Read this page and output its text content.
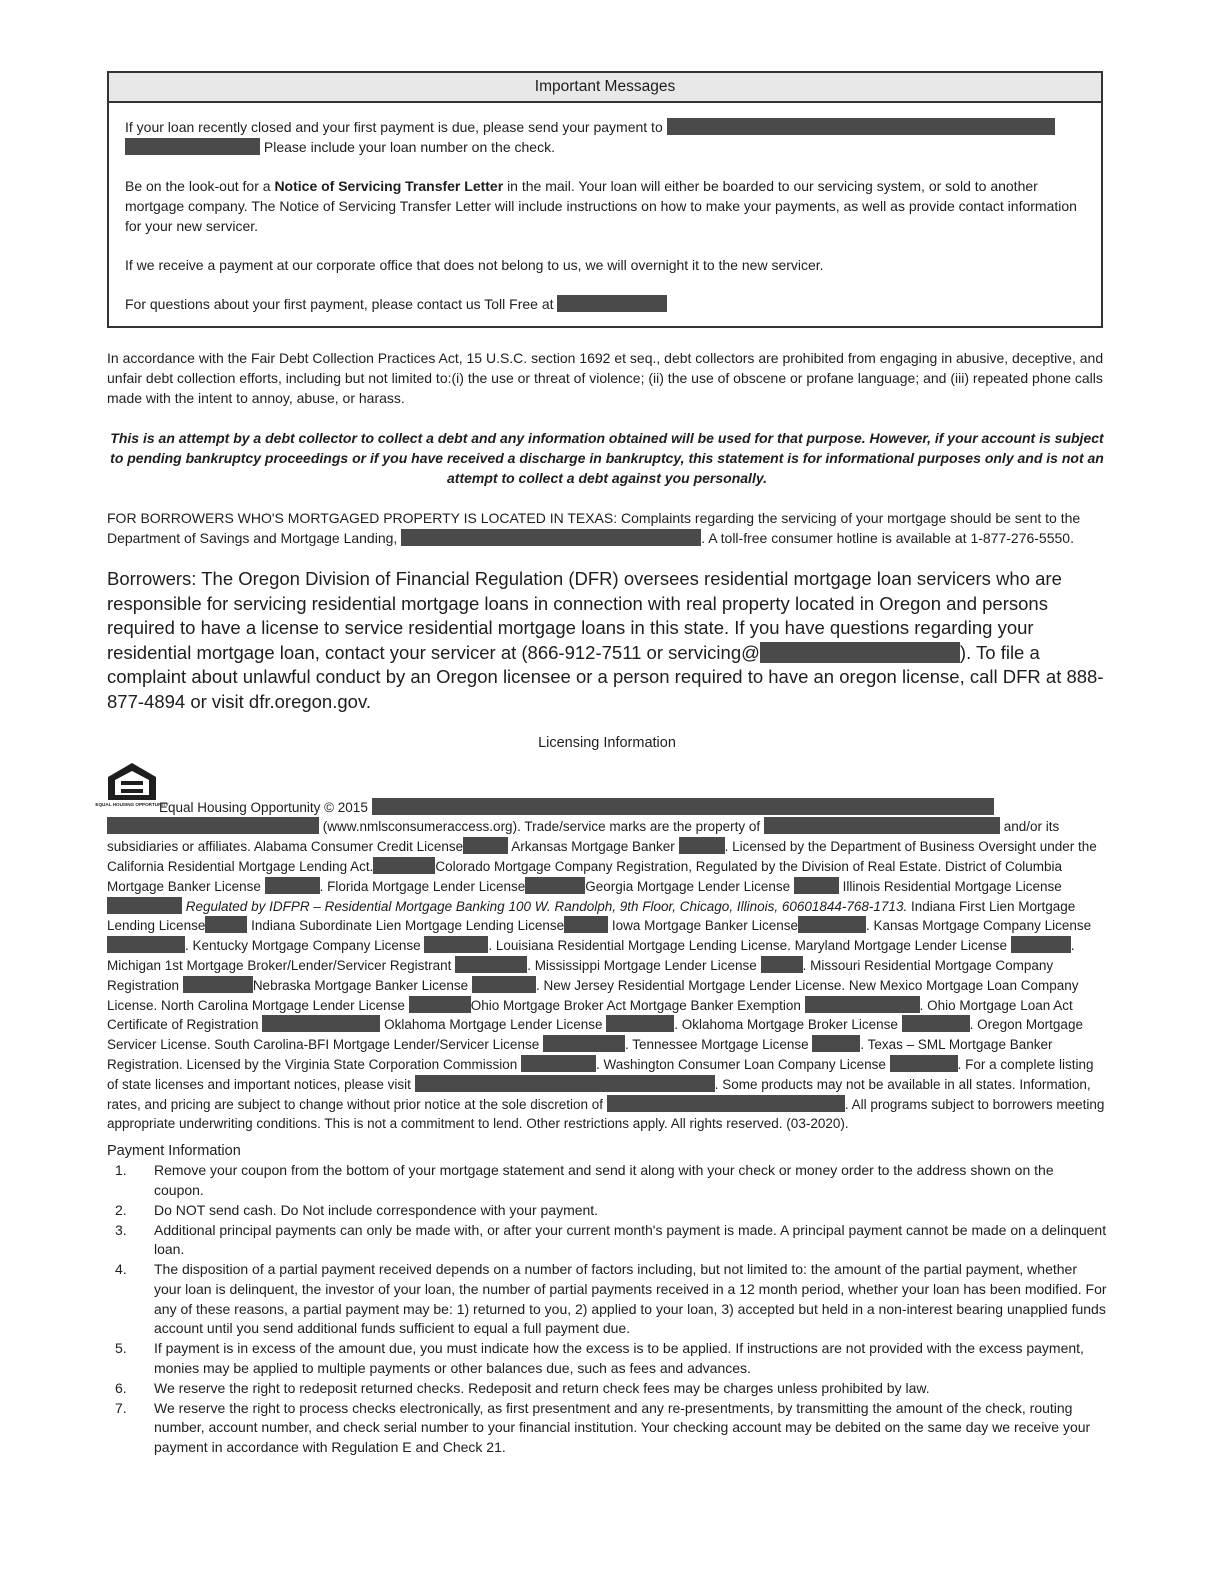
Important Messages

If your loan recently closed and your first payment is due, please send your payment to   Please include your loan number on the check.

Be on the look-out for a Notice of Servicing Transfer Letter in the mail. Your loan will either be boarded to our servicing system, or sold to another mortgage company. The Notice of Servicing Transfer Letter will include instructions on how to make your payments, as well as provide contact information for your new servicer.

If we receive a payment at our corporate office that does not belong to us, we will overnight it to the new servicer.

For questions about your first payment, please contact us Toll Free at

In accordance with the Fair Debt Collection Practices Act, 15 U.S.C. section 1692 et seq., debt collectors are prohibited from engaging in abusive, deceptive, and unfair debt collection efforts, including but not limited to:(i) the use or threat of violence; (ii) the use of obscene or profane language; and (iii) repeated phone calls made with the intent to annoy, abuse, or harass.

This is an attempt by a debt collector to collect a debt and any information obtained will be used for that purpose. However, if your account is subject to pending bankruptcy proceedings or if you have received a discharge in bankruptcy, this statement is for informational purposes only and is not an attempt to collect a debt against you personally.

FOR BORROWERS WHO'S MORTGAGED PROPERTY IS LOCATED IN TEXAS: Complaints regarding the servicing of your mortgage should be sent to the Department of Savings and Mortgage Landing,	. A toll-free consumer hotline is available at 1-877-276-5550.

Borrowers: The Oregon Division of Financial Regulation (DFR) oversees residential mortgage loan servicers who are responsible for servicing residential mortgage loans in connection with real property located in Oregon and persons required to have a license to service residential mortgage loans in this state. If you have questions regarding your residential mortgage loan, contact your servicer at (866-912-7511 or servicing@	). To file a complaint about unlawful conduct by an Oregon licensee or a person required to have an oregon license, call DFR at 888-877-4894 or visit dfr.oregon.gov.

Licensing Information
EQUAL HOUSING OPPORTUNITY
Equal Housing Opportunity © 2015   (www.nmlsconsumeraccess.org). Trade/service marks are the property of	and/or its subsidiaries or affiliates. Alabama Consumer Credit License	Arkansas Mortgage Banker	. Licensed by the Department of Business Oversight under the California Residential Mortgage Lending Act.	Colorado Mortgage Company Registration, Regulated by the Division of Real Estate. District of Columbia Mortgage Banker License	. Florida Mortgage Lender License	Georgia Mortgage Lender License	Illinois Residential Mortgage License  Regulated by IDFPR – Residential Mortgage Banking 100 W. Randolph, 9th Floor, Chicago, Illinois, 60601844-768-1713. Indiana First Lien Mortgage Lending License	Indiana Subordinate Lien Mortgage Lending License	Iowa Mortgage Banker License	. Kansas Mortgage Company License . Kentucky Mortgage Company License	. Louisiana Residential Mortgage Lending License. Maryland Mortgage Lender License	. Michigan 1st Mortgage Broker/Lender/Servicer Registrant	. Mississippi Mortgage Lender License	. Missouri Residential Mortgage Company Registration	Nebraska Mortgage Banker License	. New Jersey Residential Mortgage Lender License. New Mexico Mortgage Loan Company License. North Carolina Mortgage Lender License	Ohio Mortgage Broker Act Mortgage Banker Exemption	. Ohio Mortgage Loan Act Certificate of Registration	Oklahoma Mortgage Lender License	. Oklahoma Mortgage Broker License	. Oregon Mortgage Servicer License. South Carolina-BFI Mortgage Lender/Servicer License	. Tennessee Mortgage License	. Texas – SML Mortgage Banker Registration. Licensed by the Virginia State Corporation Commission	. Washington Consumer Loan Company License	. For a complete listing of state licenses and important notices, please visit	. Some products may not be available in all states. Information, rates, and pricing are subject to change without prior notice at the sole discretion of	. All programs subject to borrowers meeting appropriate underwriting conditions. This is not a commitment to lend. Other restrictions apply. All rights reserved. (03-2020).
Payment Information
1. Remove your coupon from the bottom of your mortgage statement and send it along with your check or money order to the address shown on the coupon.
2. Do NOT send cash. Do Not include correspondence with your payment.
3. Additional principal payments can only be made with, or after your current month's payment is made. A principal payment cannot be made on a delinquent loan.
4. The disposition of a partial payment received depends on a number of factors including, but not limited to: the amount of the partial payment, whether your loan is delinquent, the investor of your loan, the number of partial payments received in a 12 month period, whether your loan has been modified. For any of these reasons, a partial payment may be: 1) returned to you, 2) applied to your loan, 3) accepted but held in a non-interest bearing unapplied funds account until you send additional funds sufficient to equal a full payment due.
5. If payment is in excess of the amount due, you must indicate how the excess is to be applied. If instructions are not provided with the excess payment, monies may be applied to multiple payments or other balances due, such as fees and advances.
6. We reserve the right to redeposit returned checks. Redeposit and return check fees may be charges unless prohibited by law.
7. We reserve the right to process checks electronically, as first presentment and any re-presentments, by transmitting the amount of the check, routing number, account number, and check serial number to your financial institution. Your checking account may be debited on the same day we receive your payment in accordance with Regulation E and Check 21.
